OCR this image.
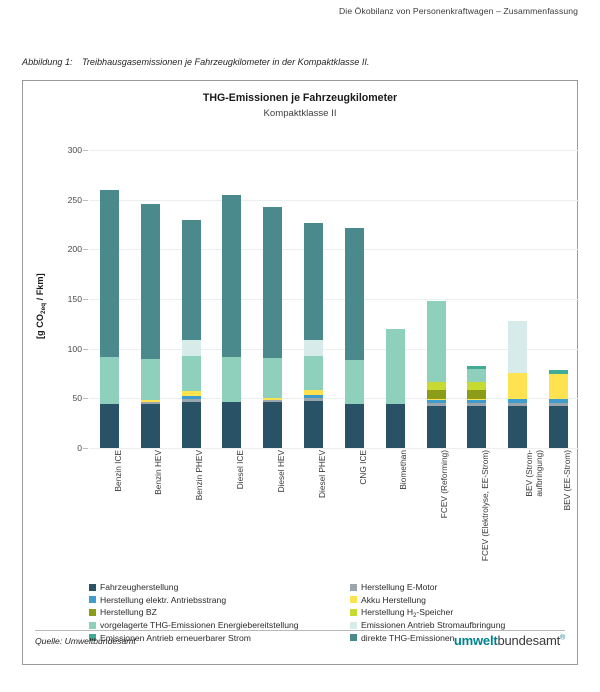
Die Ökobilanz von Personenkraftwagen – Zusammenfassung
Abbildung 1: Treibhausgasemissionen je Fahrzeugkilometer in der Kompaktklasse II.
THG-Emissionen je Fahrzeugkilometer
Kompaktklasse II
[g $CO_{2eq} / Fkm$]
0
50
100
150
200
250
300
Benzin ICE	Benzin HEV	Benzin PHEV	Diesel ICE	Diesel HEV	Diesel PHEV	CNG ICE	Biomethan	FCEV (Reforming)	FCEV (Elektrolyse, EE-Strom)	BEV (Strom- aufbringung) BEV (EE-Strom)
Fahrzeugherstellung
Herstellung elektr. Antriebsstrang
Herstellung BZ
vorgelagerte THG-Emissionen Energiebereitstellung
Emissionen Antrieb erneuerbarer Strom
Herstellung E-Motor
Akku Herstellung
Herstellung $H_2$-Speicher
Emissionen Antrieb Stromaufbringung
direkte THG-Emissionen
Quelle: Umweltbundesamt	umweltbundesamt®
